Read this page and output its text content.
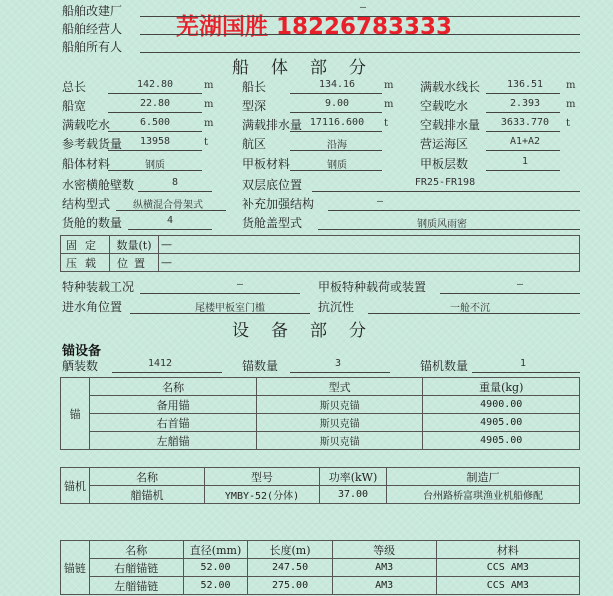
芜湖国胜 18226783333
船舶改建厂	—
船舶经营人
船舶所有人
船体部分
总长	142.80	m 船长	134.16	m 满载水线长	136.51	m
船宽	22.80	m 型深	9.00	m 空载吃水	2.393	m
满载吃水	6.500	m 满载排水量 17116.600	t	空载排水量	3633.770	t
参考载货量	13958	t	航区	沿海	营运海区	A1+A2
船体材料	钢质	甲板材料	钢质	甲板层数	1
水密横舱壁数	8	双层底位置	FR25-FR198
结构型式	纵横混合骨架式	补充加强结构	—
货舱的数量	4	货舱盖型式	钢质风雨密
固定	数量(t)	—
压载	位置	—
特种装载工况	—	甲板特种载荷或装置	—
进水角位置	尾楼甲板室门槛	抗沉性	一舱不沉
设备部分
锚设备
舾装数	1412	锚数量	3	锚机数量	1
锚	名称	型式	重量(kg)
	备用锚	斯贝克锚	4900.00
	右首锚	斯贝克锚	4905.00
	左艏锚	斯贝克锚	4905.00
锚机	名称	型号	功率(kW)	制造厂
	艏锚机	YMBY-52(分体)	37.00	台州路桥富琪渔业机船修配
锚链	名称	直径(mm)	长度(m)	等级	材料
	右艏锚链	52.00	247.50	AM3	CCS AM3
	左艏锚链	52.00	275.00	AM3	CCS AM3
